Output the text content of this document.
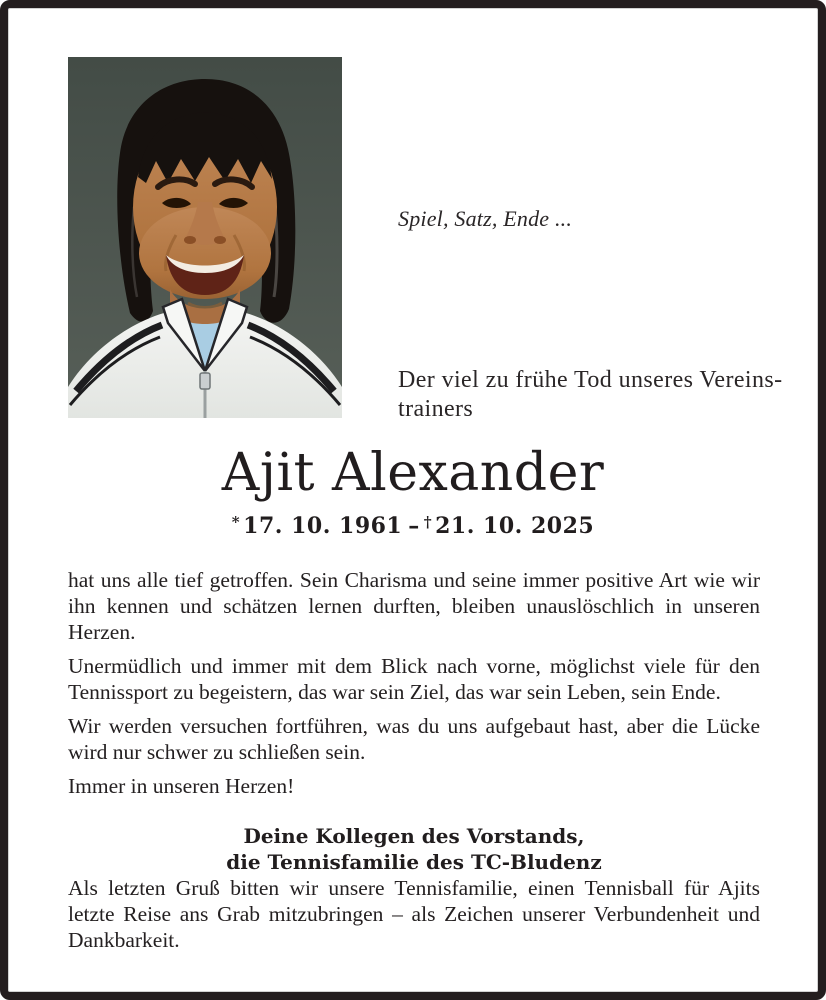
Spiel, Satz, Ende ...
Der viel zu frühe Tod unseres Vereins-
trainers
Ajit Alexander
* 17. 10. 1961 – † 21. 10. 2025

hat uns alle tief getroffen. Sein Charisma und seine immer positive Art wie wir ihn kennen und schätzen lernen durften, bleiben unauslöschlich in unseren Herzen.

Unermüdlich und immer mit dem Blick nach vorne, möglichst viele für den Tennissport zu begeistern, das war sein Ziel, das war sein Leben, sein Ende.

Wir werden versuchen fortführen, was du uns aufgebaut hast, aber die Lücke wird nur schwer zu schließen sein.

Immer in unseren Herzen!

Deine Kollegen des Vorstands,
die Tennisfamilie des TC-Bludenz

Als letzten Gruß bitten wir unsere Tennisfamilie, einen Tennisball für Ajits letzte Reise ans Grab mitzubringen – als Zeichen unserer Verbundenheit und Dankbarkeit.
